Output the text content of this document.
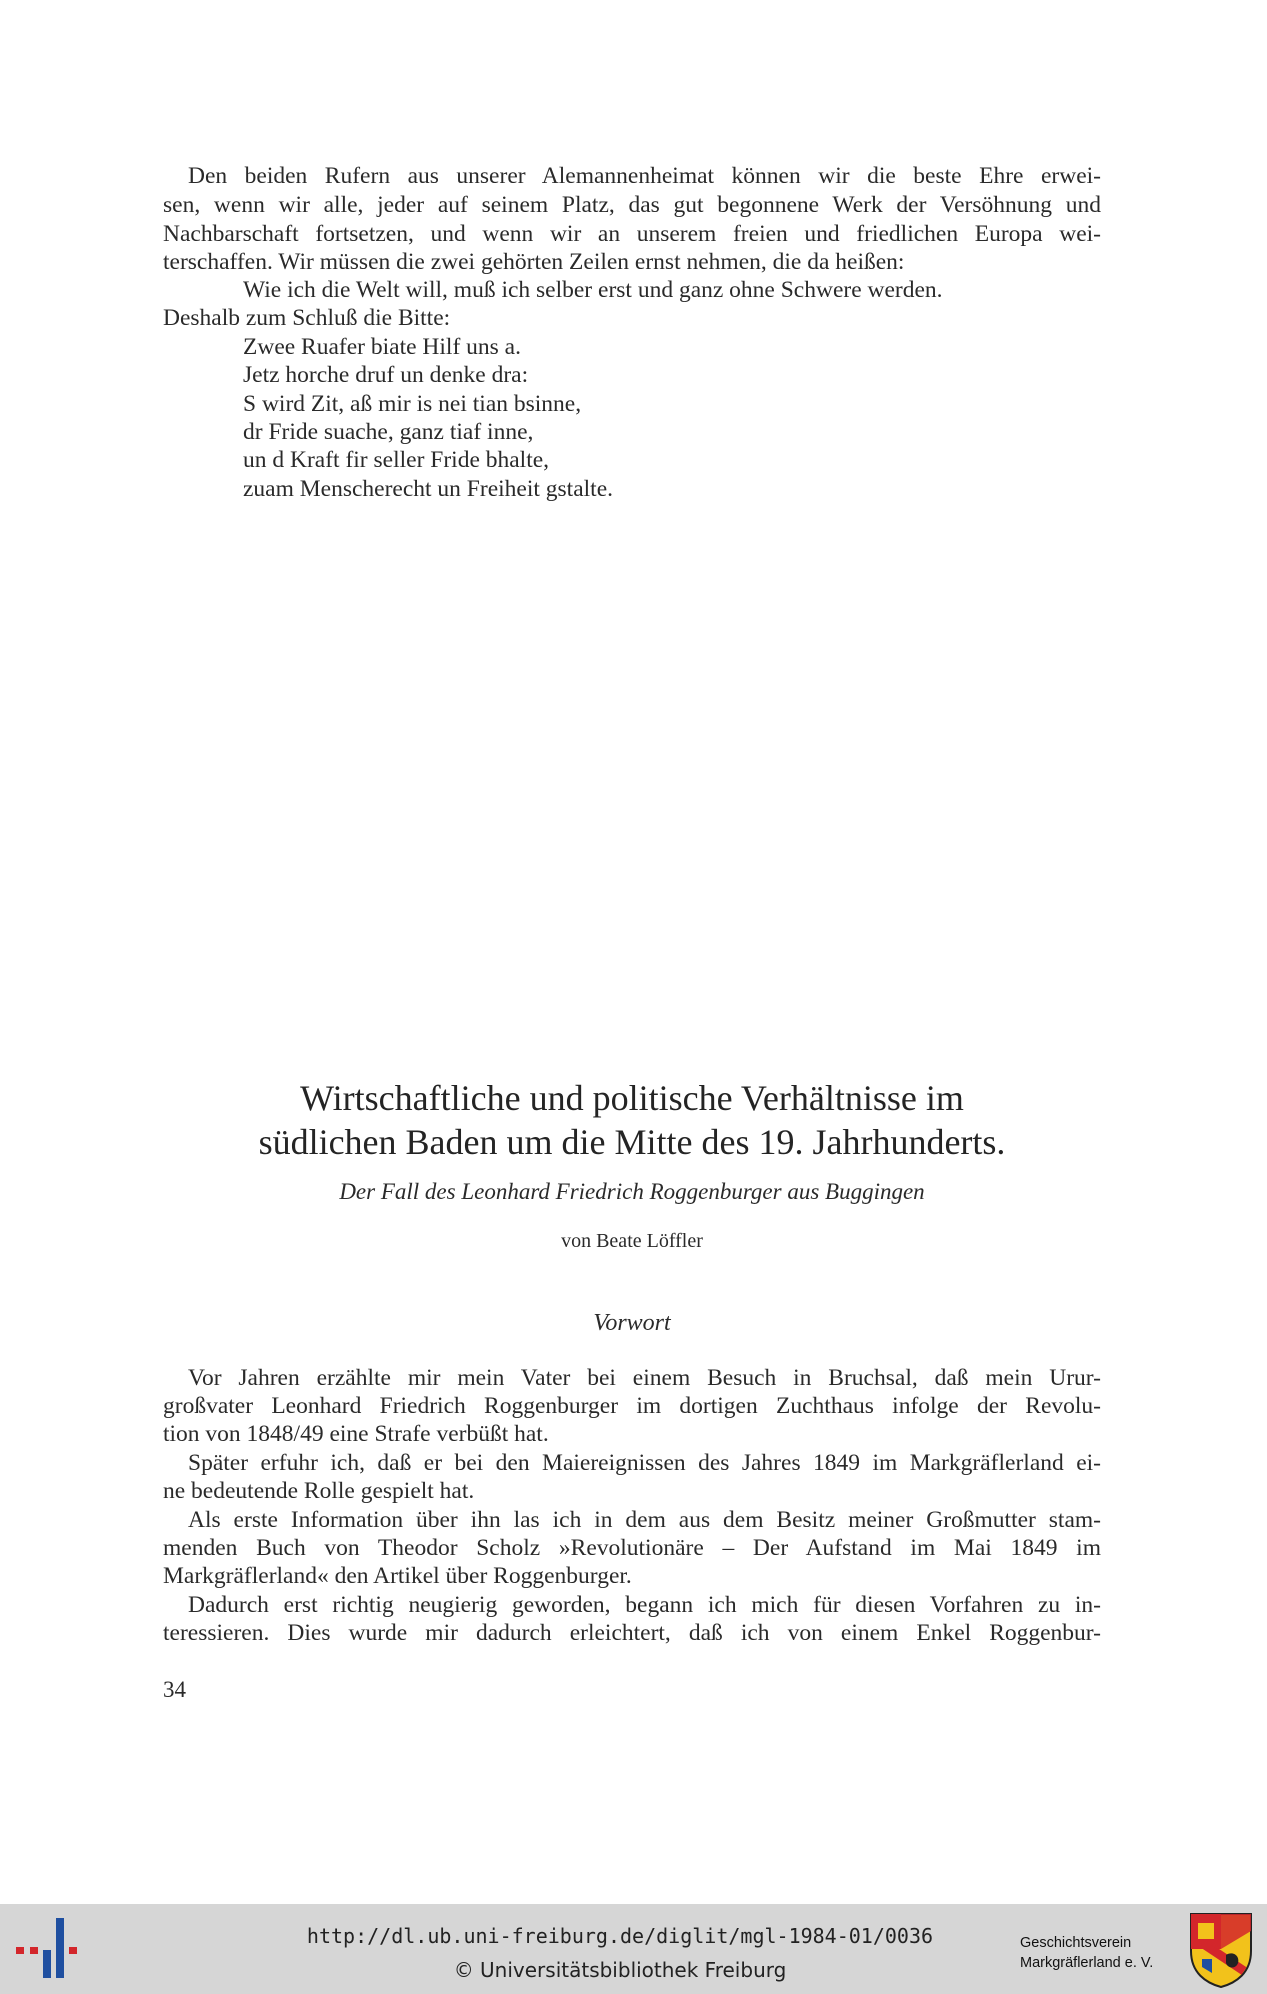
Den beiden Rufern aus unserer Alemannenheimat können wir die beste Ehre erwei-
sen, wenn wir alle, jeder auf seinem Platz, das gut begonnene Werk der Versöhnung und
Nachbarschaft fortsetzen, und wenn wir an unserem freien und friedlichen Europa wei-
terschaffen. Wir müssen die zwei gehörten Zeilen ernst nehmen, die da heißen:
Wie ich die Welt will, muß ich selber erst und ganz ohne Schwere werden.
Deshalb zum Schluß die Bitte:
Zwee Ruafer biate Hilf uns a.
Jetz horche druf un denke dra:
S wird Zit, aß mir is nei tian bsinne,
dr Fride suache, ganz tiaf inne,
un d Kraft fir seller Fride bhalte,
zuam Menscherecht un Freiheit gstalte.
Wirtschaftliche und politische Verhältnisse im
südlichen Baden um die Mitte des 19. Jahrhunderts.
Der Fall des Leonhard Friedrich Roggenburger aus Buggingen
von Beate Löffler
Vorwort
Vor Jahren erzählte mir mein Vater bei einem Besuch in Bruchsal, daß mein Urur-
großvater Leonhard Friedrich Roggenburger im dortigen Zuchthaus infolge der Revolu-
tion von 1848/49 eine Strafe verbüßt hat.
Später erfuhr ich, daß er bei den Maiereignissen des Jahres 1849 im Markgräflerland ei-
ne bedeutende Rolle gespielt hat.
Als erste Information über ihn las ich in dem aus dem Besitz meiner Großmutter stam-
menden Buch von Theodor Scholz »Revolutionäre – Der Aufstand im Mai 1849 im
Markgräflerland« den Artikel über Roggenburger.
Dadurch erst richtig neugierig geworden, begann ich mich für diesen Vorfahren zu in-
teressieren. Dies wurde mir dadurch erleichtert, daß ich von einem Enkel Roggenbur-
34
http://dl.ub.uni-freiburg.de/diglit/mgl-1984-01/0036
© Universitätsbibliothek Freiburg
Geschichtsverein
Markgräflerland e. V.
